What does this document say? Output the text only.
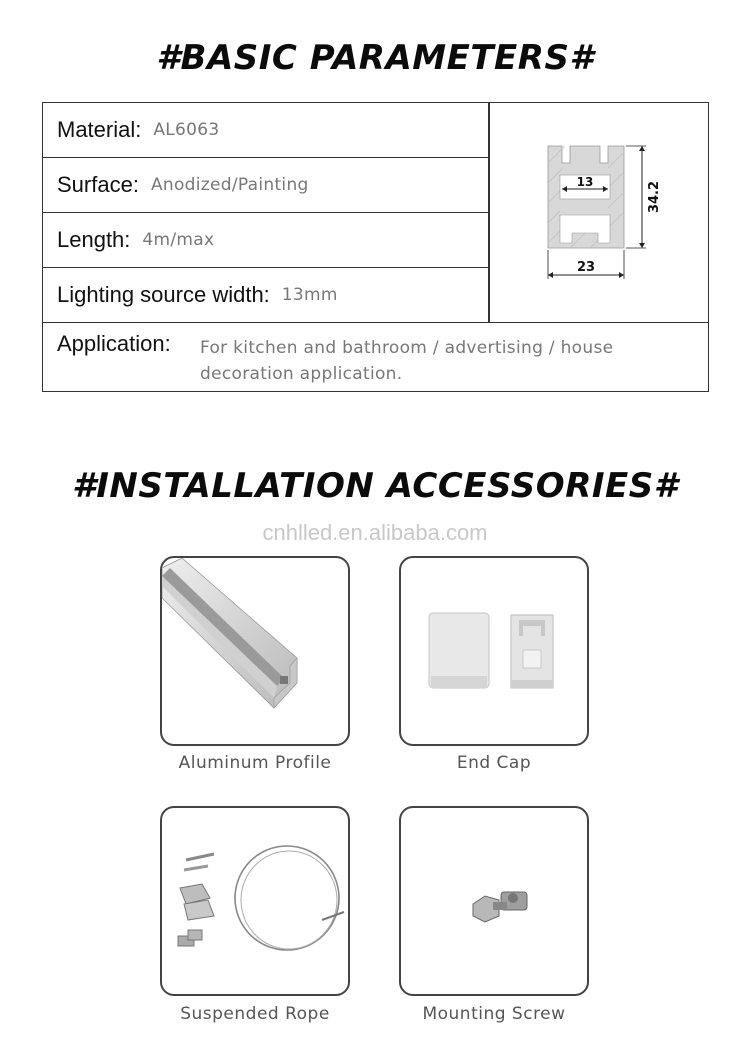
#BASIC PARAMETERS#
Material: AL6063
Surface: Anodized/Painting
Length: 4m/max
Lighting source width: 13mm
13	34.2
23
Application: For kitchen and bathroom / advertising / house decoration application.
#INSTALLATION ACCESSORIES#
cnhlled.en.alibaba.com
Aluminum Profile	End Cap
Suspended Rope	Mounting Screw
